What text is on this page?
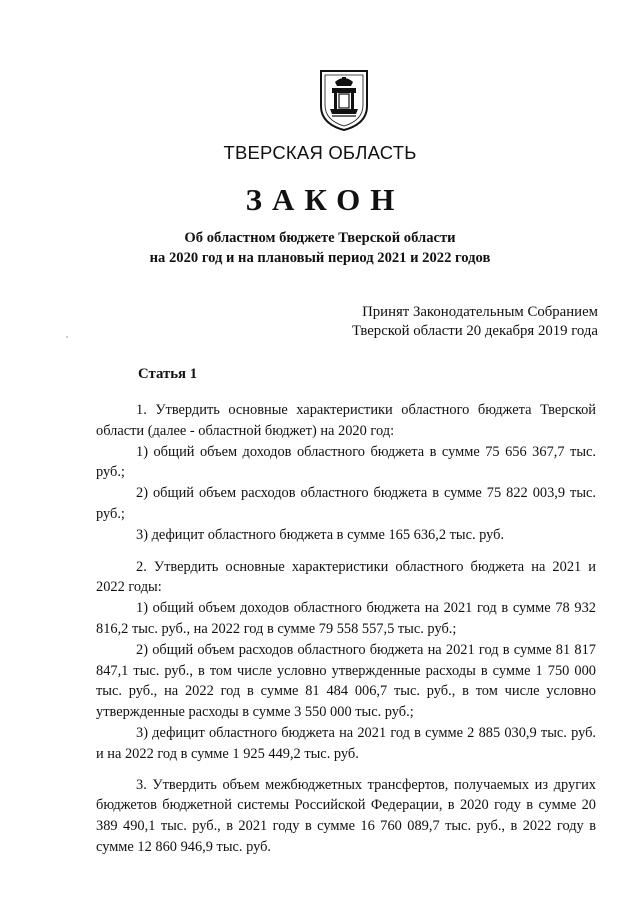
ТВЕРСКАЯ ОБЛАСТЬ
ЗАКОН
Об областном бюджете Тверской области
на 2020 год и на плановый период 2021 и 2022 годов
Принят Законодательным Собранием
Тверской области 20 декабря 2019 года
Статья 1

1. Утвердить основные характеристики областного бюджета Тверской области (далее - областной бюджет) на 2020 год:

1) общий объем доходов областного бюджета в сумме 75 656 367,7 тыс. руб.;

2) общий объем расходов областного бюджета в сумме 75 822 003,9 тыс. руб.;

3) дефицит областного бюджета в сумме 165 636,2 тыс. руб.

2. Утвердить основные характеристики областного бюджета на 2021 и 2022 годы:

1) общий объем доходов областного бюджета на 2021 год в сумме 78 932 816,2 тыс. руб., на 2022 год в сумме 79 558 557,5 тыс. руб.;

2) общий объем расходов областного бюджета на 2021 год в сумме 81 817 847,1 тыс. руб., в том числе условно утвержденные расходы в сумме 1 750 000 тыс. руб., на 2022 год в сумме 81 484 006,7 тыс. руб., в том числе условно утвержденные расходы в сумме 3 550 000 тыс. руб.;

3) дефицит областного бюджета на 2021 год в сумме 2 885 030,9 тыс. руб. и на 2022 год в сумме 1 925 449,2 тыс. руб.

3. Утвердить объем межбюджетных трансфертов, получаемых из других бюджетов бюджетной системы Российской Федерации, в 2020 году в сумме 20 389 490,1 тыс. руб., в 2021 году в сумме 16 760 089,7 тыс. руб., в 2022 году в сумме 12 860 946,9 тыс. руб.
